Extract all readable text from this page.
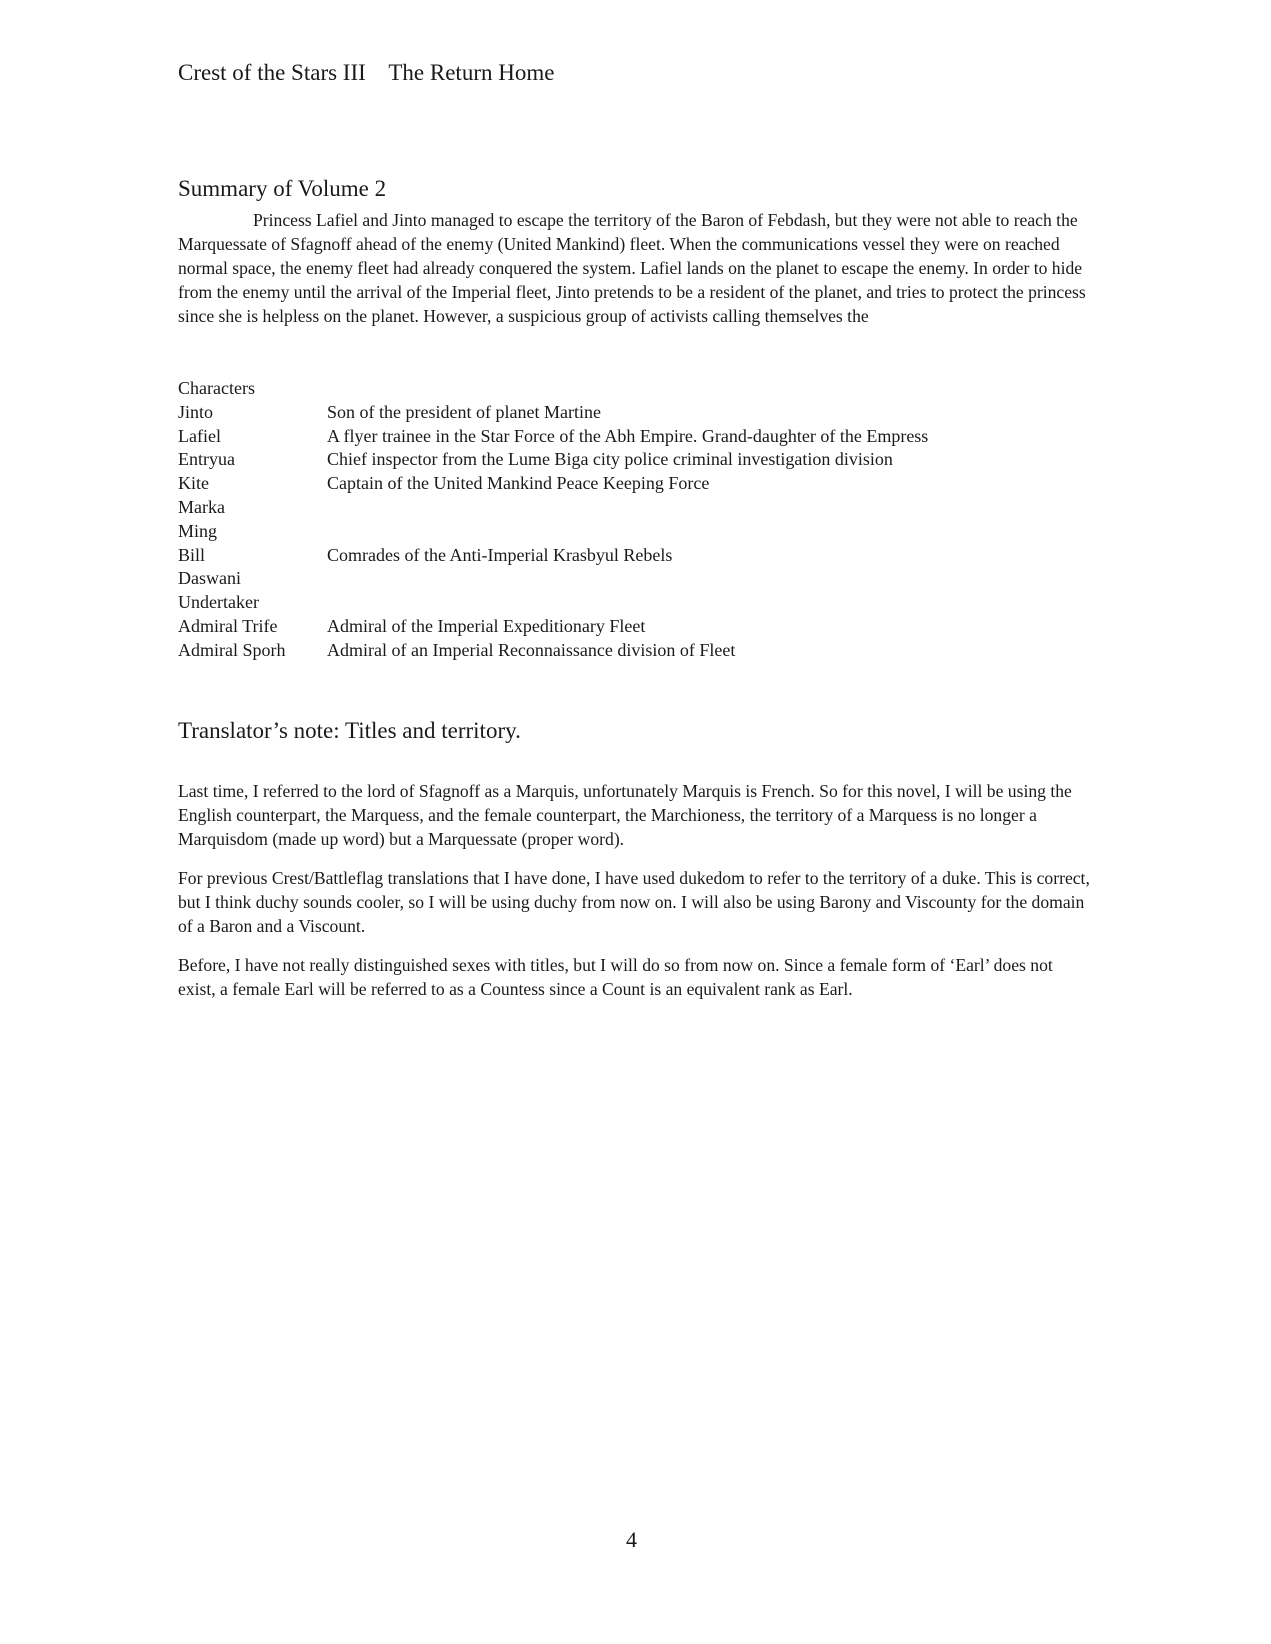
Crest of the Stars III    The Return Home
Summary of Volume 2

Princess Lafiel and Jinto managed to escape the territory of the Baron of Febdash, but they were not able to reach the Marquessate of Sfagnoff ahead of the enemy (United Mankind) fleet. When the communications vessel they were on reached normal space, the enemy fleet had already conquered the system. Lafiel lands on the planet to escape the enemy. In order to hide from the enemy until the arrival of the Imperial fleet, Jinto pretends to be a resident of the planet, and tries to protect the princess since she is helpless on the planet. However, a suspicious group of activists calling themselves the

Characters
Jinto	Son of the president of planet Martine
Lafiel	A flyer trainee in the Star Force of the Abh Empire. Grand-daughter of the Empress
Entryua	Chief inspector from the Lume Biga city police criminal investigation division
Kite	Captain of the United Mankind Peace Keeping Force
Marka
Ming
Bill	Comrades of the Anti-Imperial Krasbyul Rebels
Daswani
Undertaker
Admiral Trife	Admiral of the Imperial Expeditionary Fleet
Admiral Sporh	Admiral of an Imperial Reconnaissance division of Fleet
Translator’s note: Titles and territory.

Last time, I referred to the lord of Sfagnoff as a Marquis, unfortunately Marquis is French. So for this novel, I will be using the English counterpart, the Marquess, and the female counterpart, the Marchioness, the territory of a Marquess is no longer a Marquisdom (made up word) but a Marquessate (proper word).

For previous Crest/Battleflag translations that I have done, I have used dukedom to refer to the territory of a duke. This is correct, but I think duchy sounds cooler, so I will be using duchy from now on. I will also be using Barony and Viscounty for the domain of a Baron and a Viscount.

Before, I have not really distinguished sexes with titles, but I will do so from now on. Since a female form of ‘Earl’ does not exist, a female Earl will be referred to as a Countess since a Count is an equivalent rank as Earl.

4
